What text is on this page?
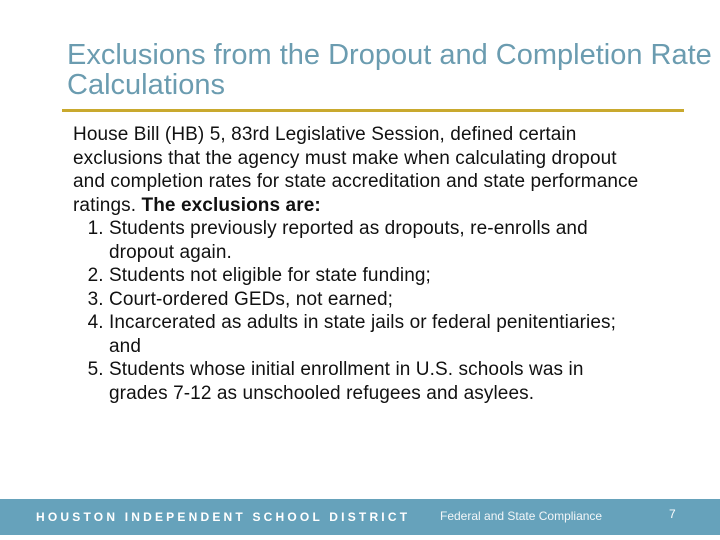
Exclusions from the Dropout and Completion Rate Calculations
House Bill (HB) 5, 83rd Legislative Session, defined certain exclusions that the agency must make when calculating dropout and completion rates for state accreditation and state performance ratings. The exclusions are:
1. Students previously reported as dropouts, re-enrolls and dropout again.
2. Students not eligible for state funding;
3. Court-ordered GEDs, not earned;
4. Incarcerated as adults in state jails or federal penitentiaries; and
5. Students whose initial enrollment in U.S. schools was in grades 7-12 as unschooled refugees and asylees.
HOUSTON INDEPENDENT SCHOOL DISTRICT Federal and State Compliance	7
